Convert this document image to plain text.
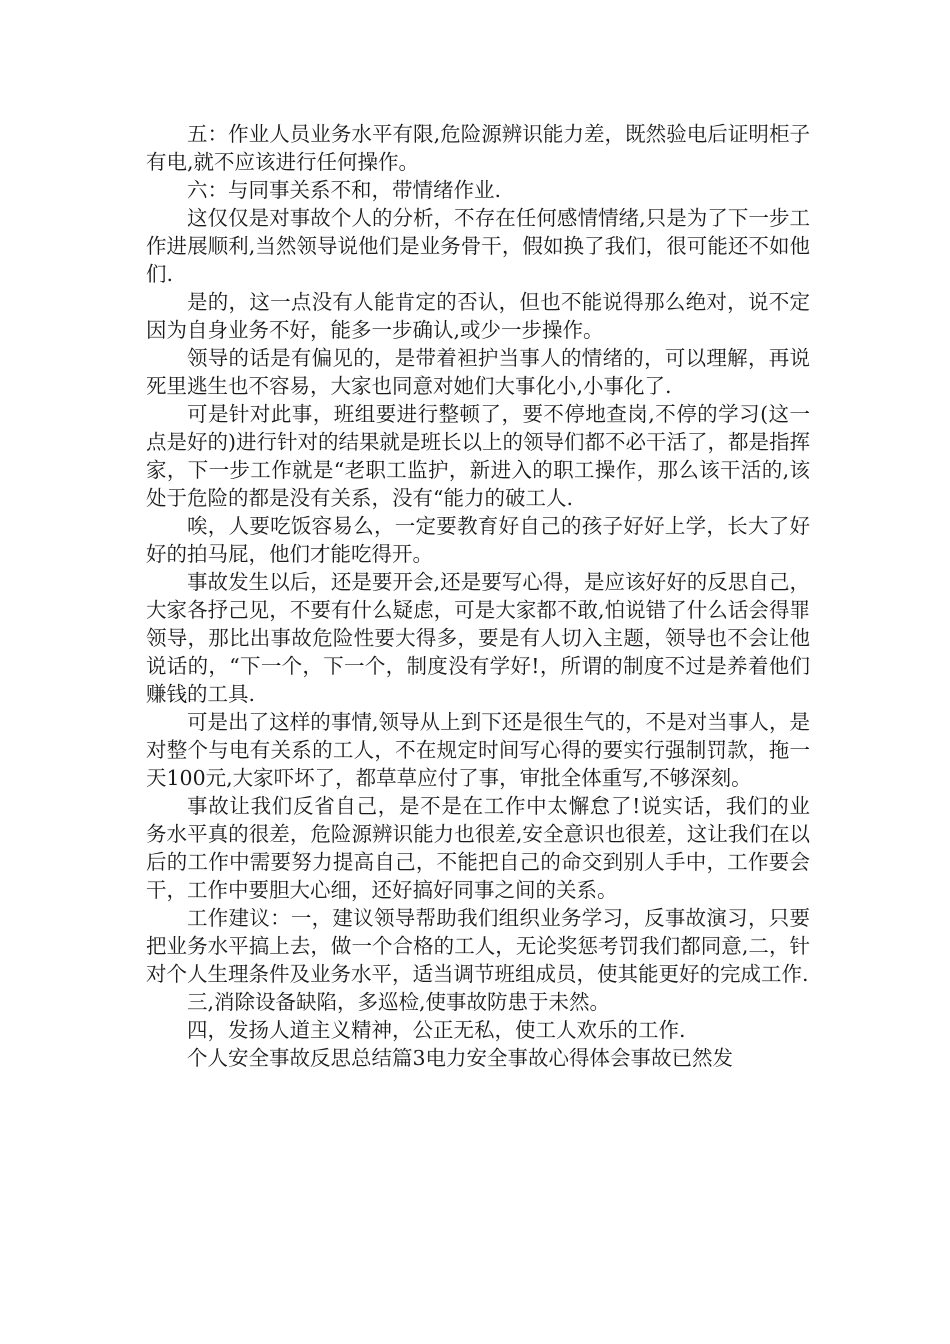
五：作业人员业务水平有限,危险源辨识能力差，既然验电后证明柜子有电,就不应该进行任何操作。

六：与同事关系不和，带情绪作业.

这仅仅是对事故个人的分析，不存在任何感情情绪,只是为了下一步工作进展顺利,当然领导说他们是业务骨干，假如换了我们，很可能还不如他们.

是的，这一点没有人能肯定的否认，但也不能说得那么绝对，说不定因为自身业务不好，能多一步确认,或少一步操作。

领导的话是有偏见的，是带着袒护当事人的情绪的，可以理解，再说死里逃生也不容易，大家也同意对她们大事化小,小事化了.

可是针对此事，班组要进行整顿了，要不停地查岗,不停的学习(这一点是好的)进行针对的结果就是班长以上的领导们都不必干活了，都是指挥家，下一步工作就是“老职工监护，新进入的职工操作，那么该干活的,该处于危险的都是没有关系，没有“能力的破工人.

唉，人要吃饭容易么，一定要教育好自己的孩子好好上学，长大了好好的拍马屁，他们才能吃得开。

事故发生以后，还是要开会,还是要写心得，是应该好好的反思自己，大家各抒己见，不要有什么疑虑，可是大家都不敢,怕说错了什么话会得罪领导，那比出事故危险性要大得多，要是有人切入主题，领导也不会让他说话的，“下一个，下一个，制度没有学好!，所谓的制度不过是养着他们赚钱的工具.

可是出了这样的事情,领导从上到下还是很生气的，不是对当事人，是对整个与电有关系的工人，不在规定时间写心得的要实行强制罚款，拖一天100元,大家吓坏了，都草草应付了事，审批全体重写,不够深刻。

事故让我们反省自己，是不是在工作中太懈怠了!说实话，我们的业务水平真的很差，危险源辨识能力也很差,安全意识也很差，这让我们在以后的工作中需要努力提高自己，不能把自己的命交到别人手中，工作要会干，工作中要胆大心细，还好搞好同事之间的关系。

工作建议：一，建议领导帮助我们组织业务学习，反事故演习，只要把业务水平搞上去，做一个合格的工人，无论奖惩考罚我们都同意,二，针对个人生理条件及业务水平，适当调节班组成员，使其能更好的完成工作.

三,消除设备缺陷，多巡检,使事故防患于未然。

四，发扬人道主义精神，公正无私，使工人欢乐的工作.

个人安全事故反思总结篇3电力安全事故心得体会事故已然发
